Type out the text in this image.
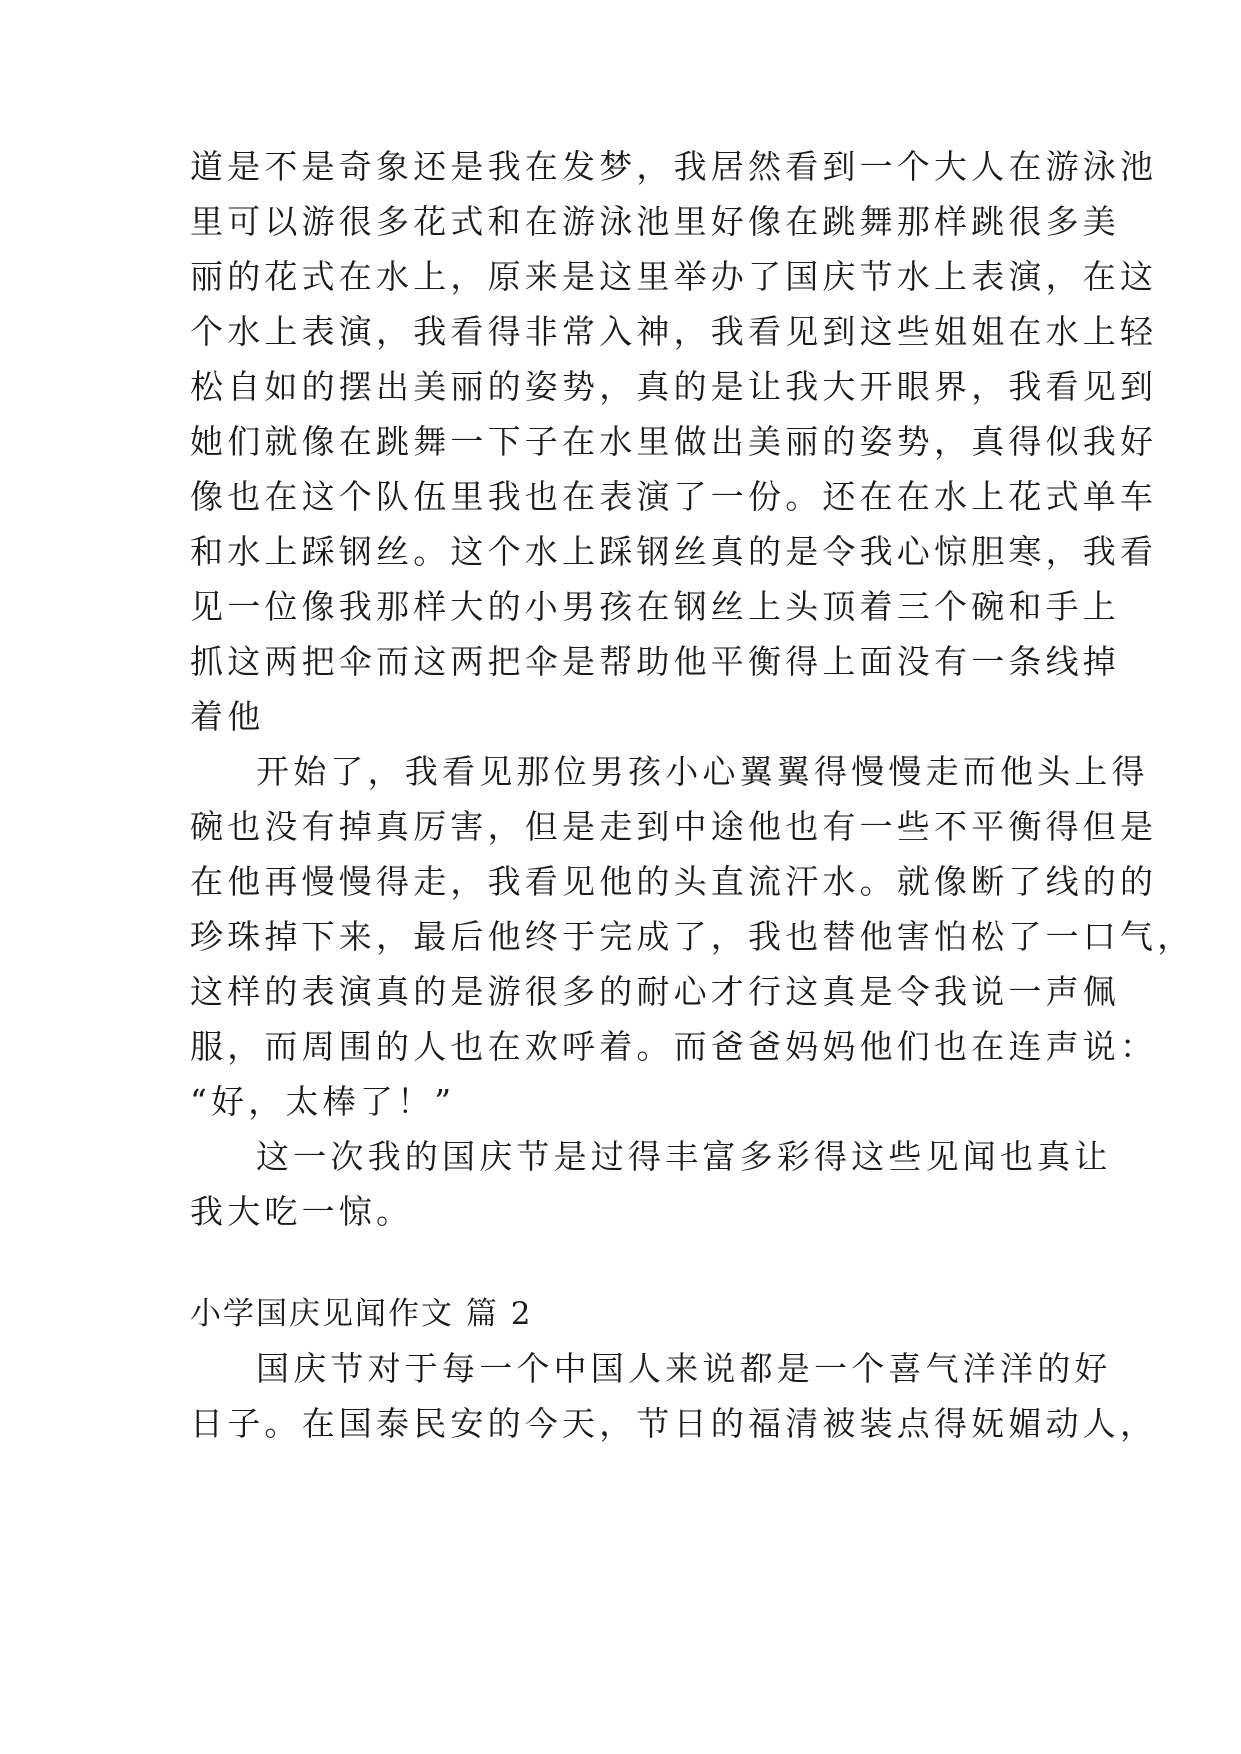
道是不是奇象还是我在发梦，我居然看到一个大人在游泳池
里可以游很多花式和在游泳池里好像在跳舞那样跳很多美
丽的花式在水上，原来是这里举办了国庆节水上表演，在这
个水上表演，我看得非常入神，我看见到这些姐姐在水上轻
松自如的摆出美丽的姿势，真的是让我大开眼界，我看见到
她们就像在跳舞一下子在水里做出美丽的姿势，真得似我好
像也在这个队伍里我也在表演了一份。还在在水上花式单车
和水上踩钢丝。这个水上踩钢丝真的是令我心惊胆寒，我看
见一位像我那样大的小男孩在钢丝上头顶着三个碗和手上
抓这两把伞而这两把伞是帮助他平衡得上面没有一条线掉
着他
开始了，我看见那位男孩小心翼翼得慢慢走而他头上得
碗也没有掉真厉害，但是走到中途他也有一些不平衡得但是
在他再慢慢得走，我看见他的头直流汗水。就像断了线的的
珍珠掉下来，最后他终于完成了，我也替他害怕松了一口气，
这样的表演真的是游很多的耐心才行这真是令我说一声佩
服，而周围的人也在欢呼着。而爸爸妈妈他们也在连声说：
“好，太棒了！”
这一次我的国庆节是过得丰富多彩得这些见闻也真让
我大吃一惊。
小学国庆见闻作文 篇 2
国庆节对于每一个中国人来说都是一个喜气洋洋的好
日子。在国泰民安的今天，节日的福清被装点得妩媚动人，
